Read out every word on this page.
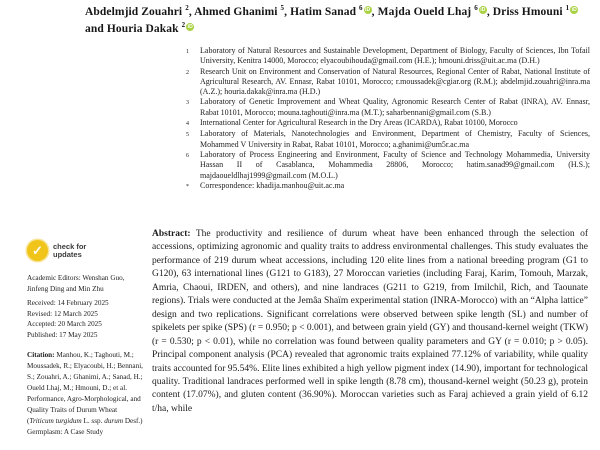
Abdelmjid Zouahri $^2$, Ahmed Ghanimi $^5$, Hatim Sanad $^6$ iD, Majda Oueld Lhaj $^6$ iD, Driss Hmouni $^1$ iD
and Houria Dakak $^2$ iD
1	Laboratory of Natural Resources and Sustainable Development, Department of Biology, Faculty of Sciences, Ibn Tofail University, Kenitra 14000, Morocco; elyacoubihouda@gmail.com (H.E.); hmouni.driss@uit.ac.ma (D.H.)
2	Research Unit on Environment and Conservation of Natural Resources, Regional Center of Rabat, National Institute of Agricultural Research, AV. Ennasr, Rabat 10101, Morocco; r.moussadek@cgiar.org (R.M.); abdelmjid.zouahri@inra.ma (A.Z.); houria.dakak@inra.ma (H.D.)
3	Laboratory of Genetic Improvement and Wheat Quality, Agronomic Research Center of Rabat (INRA), AV. Ennasr, Rabat 10101, Morocco; mouna.taghouti@inra.ma (M.T.); saharbennani@gmail.com (S.B.)
4	International Center for Agricultural Research in the Dry Areas (ICARDA), Rabat 10100, Morocco
5	Laboratory of Materials, Nanotechnologies and Environment, Department of Chemistry, Faculty of Sciences, Mohammed V University in Rabat, Rabat 10101, Morocco; a.ghanimi@um5r.ac.ma
6	Laboratory of Process Engineering and Environment, Faculty of Science and Technology Mohammedia, University Hassan II of Casablanca, Mohammedia 28806, Morocco; hatim.sanad99@gmail.com (H.S.); majdaoueldlhaj1999@gmail.com (M.O.L.)
*	Correspondence: khadija.manhou@uit.ac.ma
✓	check for
updates

Academic Editors: Wenshan Guo, Jinfeng Ding and Min Zhu

Received: 14 February 2025
Revised: 12 March 2025
Accepted: 20 March 2025
Published: 17 May 2025

Citation: Manhou, K.; Taghouti, M.; Moussadek, R.; Elyacoubi, H.; Bennani, S.; Zouahri, A.; Ghanimi, A.; Sanad, H.; Oueld Lhaj, M.; Hmouni, D.; et al. Performance, Agro-Morphological, and Quality Traits of Durum Wheat (Triticum turgidum L. ssp. durum Desf.) Germplasm: A Case Study

Abstract: The productivity and resilience of durum wheat have been enhanced through the selection of accessions, optimizing agronomic and quality traits to address environmental challenges. This study evaluates the performance of 219 durum wheat accessions, including 120 elite lines from a national breeding program (G1 to G120), 63 international lines (G121 to G183), 27 Moroccan varieties (including Faraj, Karim, Tomouh, Marzak, Amria, Chaoui, IRDEN, and others), and nine landraces (G211 to G219, from Imilchil, Rich, and Taounate regions). Trials were conducted at the Jemâa Shaïm experimental station (INRA-Morocco) with an “Alpha lattice” design and two replications. Significant correlations were observed between spike length (SL) and number of spikelets per spike (SPS) (r = 0.950; p < 0.001), and between grain yield (GY) and thousand-kernel weight (TKW) (r = 0.530; p < 0.01), while no correlation was found between quality parameters and GY (r = 0.010; p > 0.05). Principal component analysis (PCA) revealed that agronomic traits explained 77.12% of variability, while quality traits accounted for 95.54%. Elite lines exhibited a high yellow pigment index (14.90), important for technological quality. Traditional landraces performed well in spike length (8.78 cm), thousand-kernel weight (50.23 g), protein content (17.07%), and gluten content (36.90%). Moroccan varieties such as Faraj achieved a grain yield of 6.12 t/ha, while
